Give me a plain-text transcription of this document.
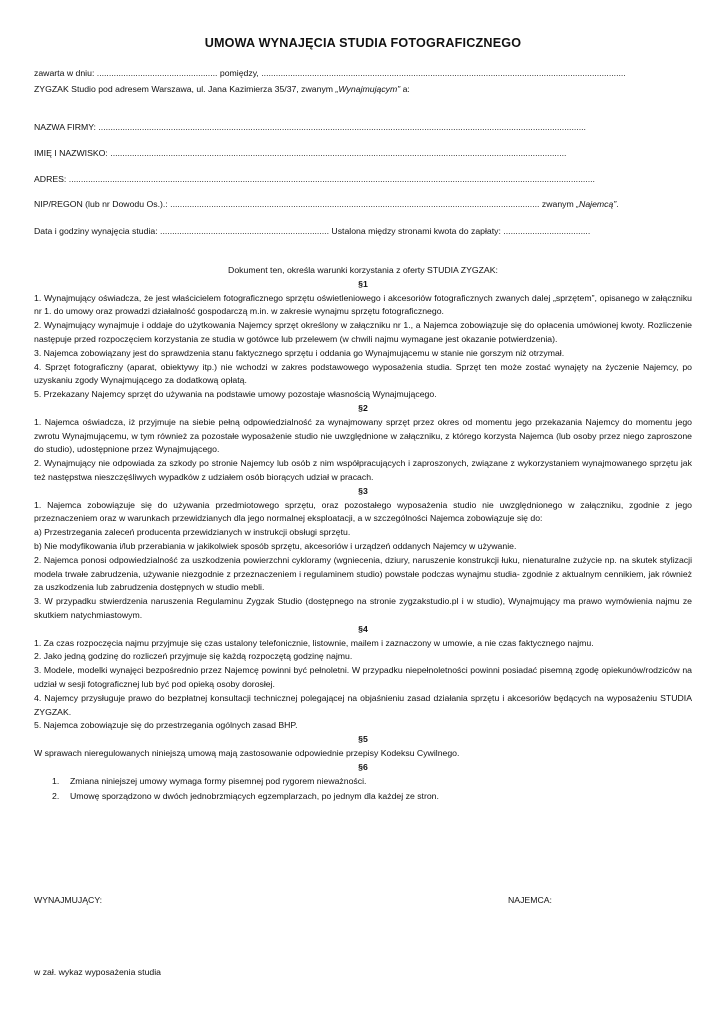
UMOWA WYNAJĘCIA STUDIA FOTOGRAFICZNEGO
zawarta w dniu: .................................................. pomiędzy, .......................................................................................................................................................
ZYGZAK Studio pod adresem Warszawa, ul. Jana Kazimierza 35/37, zwanym „Wynajmującym” a:
NAZWA FIRMY: ..........................................................................................................................................................................................................
IMIĘ I NAZWISKO: .............................................................................................................................................................................................
ADRES: ..........................................................................................................................................................................................................................
NIP/REGON (lub nr Dowodu Os.).: ......................................................................................................................................................... zwanym „Najemcą”.
Data i godziny wynajęcia studia: ...................................................................... Ustalona między stronami kwota do zapłaty: ....................................
Dokument ten, określa warunki korzystania z oferty STUDIA ZYGZAK:

§1

1. Wynajmujący oświadcza, że jest właścicielem fotograficznego sprzętu oświetleniowego i akcesoriów fotograficznych zwanych dalej „sprzętem”, opisanego w załączniku nr 1. do umowy oraz prowadzi działalność gospodarczą m.in. w zakresie wynajmu sprzętu fotograficznego.

2. Wynajmujący wynajmuje i oddaje do użytkowania Najemcy sprzęt określony w załączniku nr 1., a Najemca zobowiązuje się do opłacenia umówionej kwoty. Rozliczenie następuje przed rozpoczęciem korzystania ze studia w gotówce lub przelewem (w chwili najmu wymagane jest okazanie potwierdzenia).

3. Najemca zobowiązany jest do sprawdzenia stanu faktycznego sprzętu i oddania go Wynajmującemu w stanie nie gorszym niż otrzymał.

4. Sprzęt fotograficzny (aparat, obiektywy itp.) nie wchodzi w zakres podstawowego wyposażenia studia. Sprzęt ten może zostać wynajęty na życzenie Najemcy, po uzyskaniu zgody Wynajmującego za dodatkową opłatą.

5. Przekazany Najemcy sprzęt do używania na podstawie umowy pozostaje własnością Wynajmującego.

§2

1. Najemca oświadcza, iż przyjmuje na siebie pełną odpowiedzialność za wynajmowany sprzęt przez okres od momentu jego przekazania Najemcy do momentu jego zwrotu Wynajmującemu, w tym również za pozostałe wyposażenie studio nie uwzględnione w załączniku, z którego korzysta Najemca (lub osoby przez niego zaproszone do studio), udostępnione przez Wynajmującego.

2. Wynajmujący nie odpowiada za szkody po stronie Najemcy lub osób z nim współpracujących i zaproszonych, związane z wykorzystaniem wynajmowanego sprzętu jak też następstwa nieszczęśliwych wypadków z udziałem osób biorących udział w pracach.

§3

1. Najemca zobowiązuje się do używania przedmiotowego sprzętu, oraz pozostałego wyposażenia studio nie uwzględnionego w załączniku, zgodnie z jego przeznaczeniem oraz w warunkach przewidzianych dla jego normalnej eksploatacji, a w szczególności Najemca zobowiązuje się do:

a) Przestrzegania zaleceń producenta przewidzianych w instrukcji obsługi sprzętu.

b) Nie modyfikowania i/lub przerabiania w jakikolwiek sposób sprzętu, akcesoriów i urządzeń oddanych Najemcy w używanie.

2. Najemca ponosi odpowiedzialność za uszkodzenia powierzchni cykloramy (wgniecenia, dziury, naruszenie konstrukcji łuku, nienaturalne zużycie np. na skutek stylizacji modela trwałe zabrudzenia, używanie niezgodnie z przeznaczeniem i regulaminem studio) powstałe podczas wynajmu studia- zgodnie z aktualnym cennikiem, jak również za uszkodzenia lub zabrudzenia dostępnych w studio mebli.

3. W przypadku stwierdzenia naruszenia Regulaminu Zygzak Studio (dostępnego na stronie zygzakstudio.pl i w studio), Wynajmujący ma prawo wymówienia najmu ze skutkiem natychmiastowym.

§4

1. Za czas rozpoczęcia najmu przyjmuje się czas ustalony telefonicznie, listownie, mailem i zaznaczony w umowie, a nie czas faktycznego najmu.

2. Jako jedną godzinę do rozliczeń przyjmuje się każdą rozpoczętą godzinę najmu.

3. Modele, modelki wynajęci bezpośrednio przez Najemcę powinni być pełnoletni. W przypadku niepełnoletności powinni posiadać pisemną zgodę opiekunów/rodziców na udział w sesji fotograficznej lub być pod opieką osoby dorosłej.

4. Najemcy przysługuje prawo do bezpłatnej konsultacji technicznej polegającej na objaśnieniu zasad działania sprzętu i akcesoriów będących na wyposażeniu STUDIA ZYGZAK.

5. Najemca zobowiązuje się do przestrzegania ogólnych zasad BHP.

§5

W sprawach nieregulowanych niniejszą umową mają zastosowanie odpowiednie przepisy Kodeksu Cywilnego.

§6

1. Zmiana niniejszej umowy wymaga formy pisemnej pod rygorem nieważności.
2. Umowę sporządzono w dwóch jednobrzmiących egzemplarzach, po jednym dla każdej ze stron.
WYNAJMUJĄCY:	NAJEMCA:
w zał. wykaz wyposażenia studia
